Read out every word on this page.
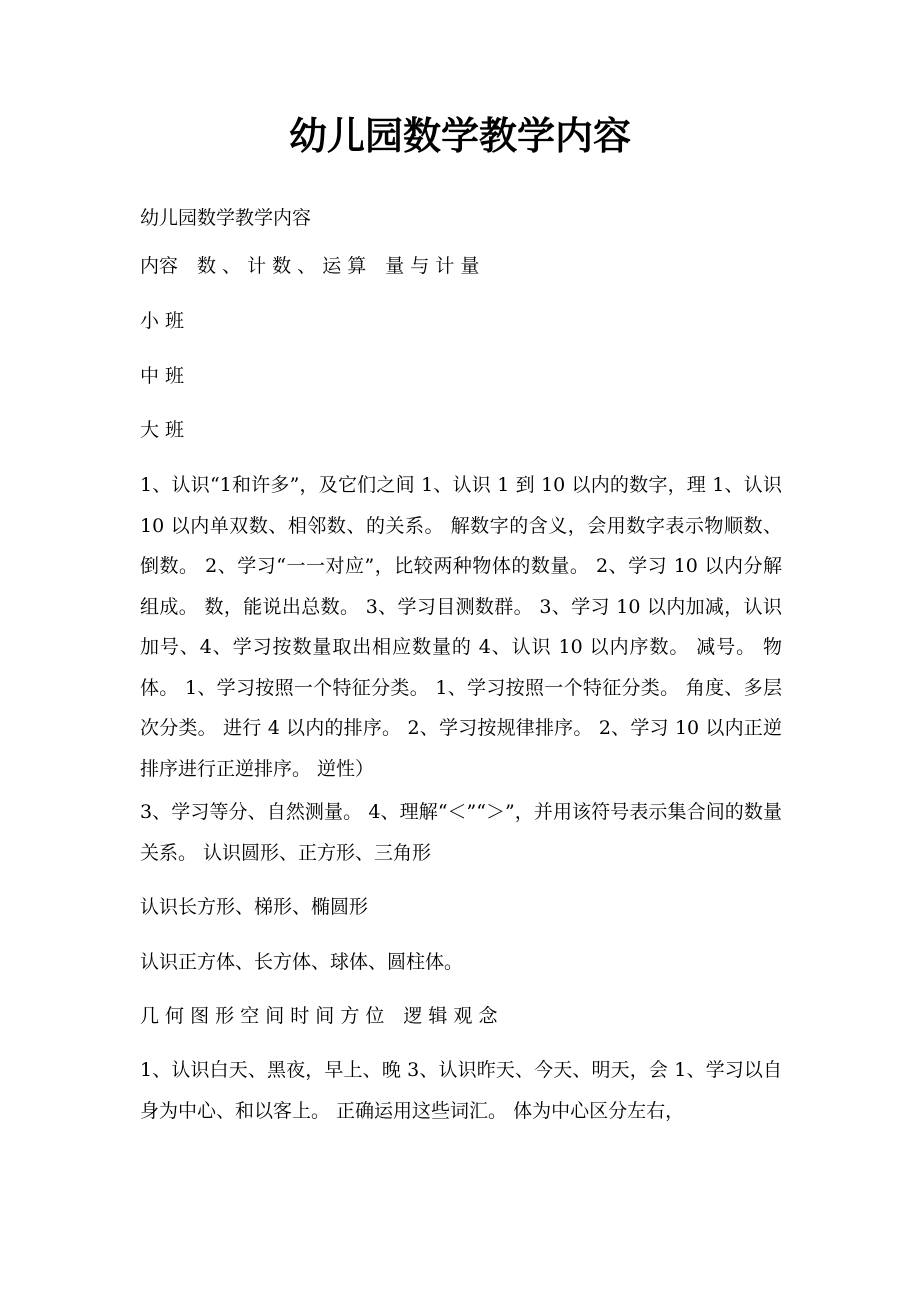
幼儿园数学教学内容

幼儿园数学教学内容

内容　数 、 计 数 、 运 算　量 与 计 量

小 班

中 班

大 班

1、认识“1和许多”，及它们之间 1、认识 1 到 10 以内的数字，理 1、认识 10 以内单双数、相邻数、的关系。 解数字的含义，会用数字表示物顺数、倒数。 2、学习“一一对应”，比较两种物体的数量。 2、学习 10 以内分解组成。 数，能说出总数。 3、学习目测数群。 3、学习 10 以内加减，认识加号、4、学习按数量取出相应数量的 4、认识 10 以内序数。 减号。 物体。 1、学习按照一个特征分类。 1、学习按照一个特征分类。 角度、多层次分类。 进行 4 以内的排序。 2、学习按规律排序。 2、学习 10 以内正逆排序进行正逆排序。 逆性）

3、学习等分、自然测量。 4、理解“＜”“＞”，并用该符号表示集合间的数量关系。 认识圆形、正方形、三角形

认识长方形、梯形、椭圆形

认识正方体、长方体、球体、圆柱体。

几 何 图 形 空 间 时 间 方 位　逻 辑 观 念

1、认识白天、黑夜，早上、晚 3、认识昨天、今天、明天，会 1、学习以自身为中心、和以客上。 正确运用这些词汇。 体为中心区分左右，
